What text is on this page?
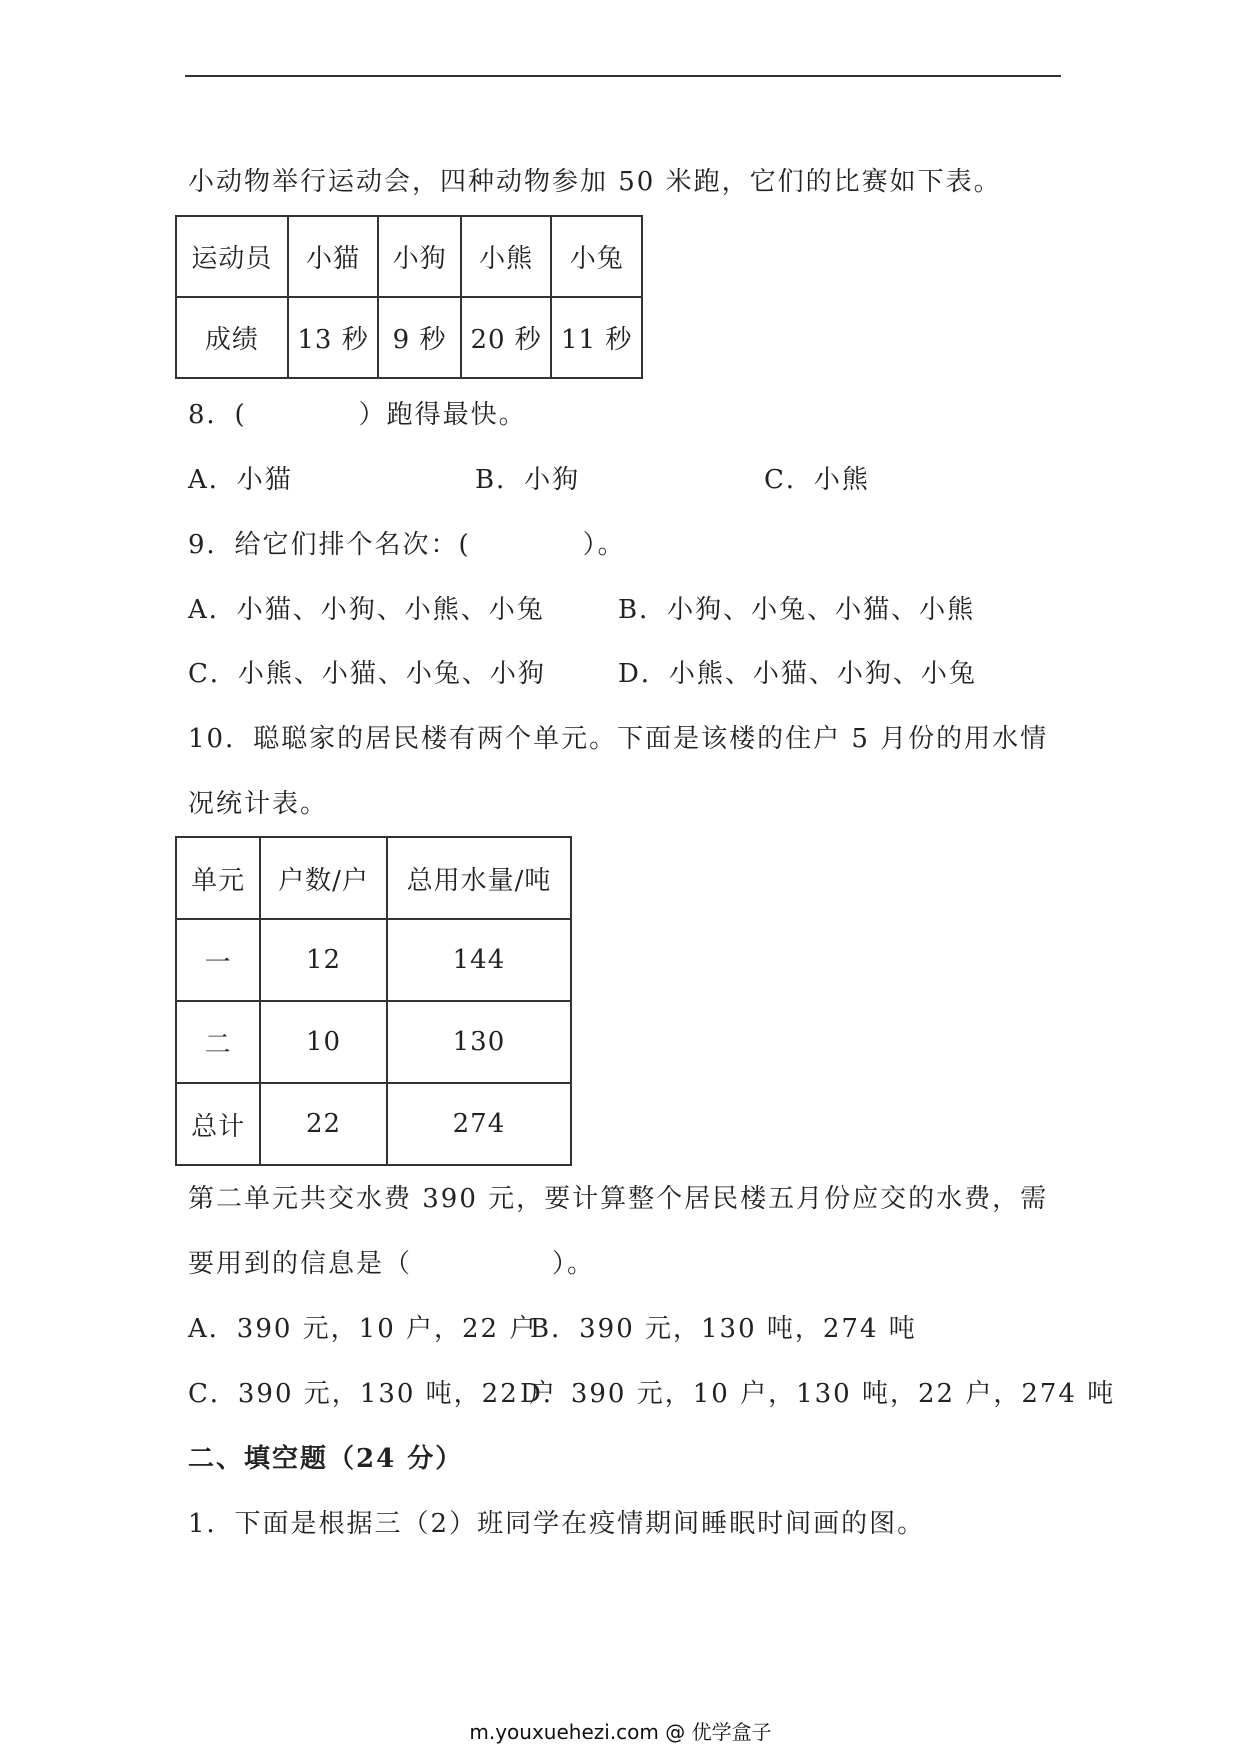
小动物举行运动会，四种动物参加 50 米跑，它们的比赛如下表。
运动员	小猫	小狗	小熊	小兔
成绩	13 秒	9 秒	20 秒	11 秒
8．(　　　　）跑得最快。
A．小猫	B．小狗	C．小熊
9．给它们排个名次：(　　　　）。
A．小猫、小狗、小熊、小兔	B．小狗、小兔、小猫、小熊
C．小熊、小猫、小兔、小狗	D．小熊、小猫、小狗、小兔
10．聪聪家的居民楼有两个单元。下面是该楼的住户 5 月份的用水情
况统计表。
单元	户数/户	总用水量/吨
一	12	144
二	10	130
总计	22	274
第二单元共交水费 390 元，要计算整个居民楼五月份应交的水费，需
要用到的信息是（　　　　　）。
A．390 元，10 户，22 户
B．390 元，130 吨，274 吨
C．390 元，130 吨，22 户
D．390 元，10 户，130 吨，22 户，274 吨
二、填空题（24 分）
1．下面是根据三（2）班同学在疫情期间睡眠时间画的图。
m.youxuehezi.com @ 优学盒子
